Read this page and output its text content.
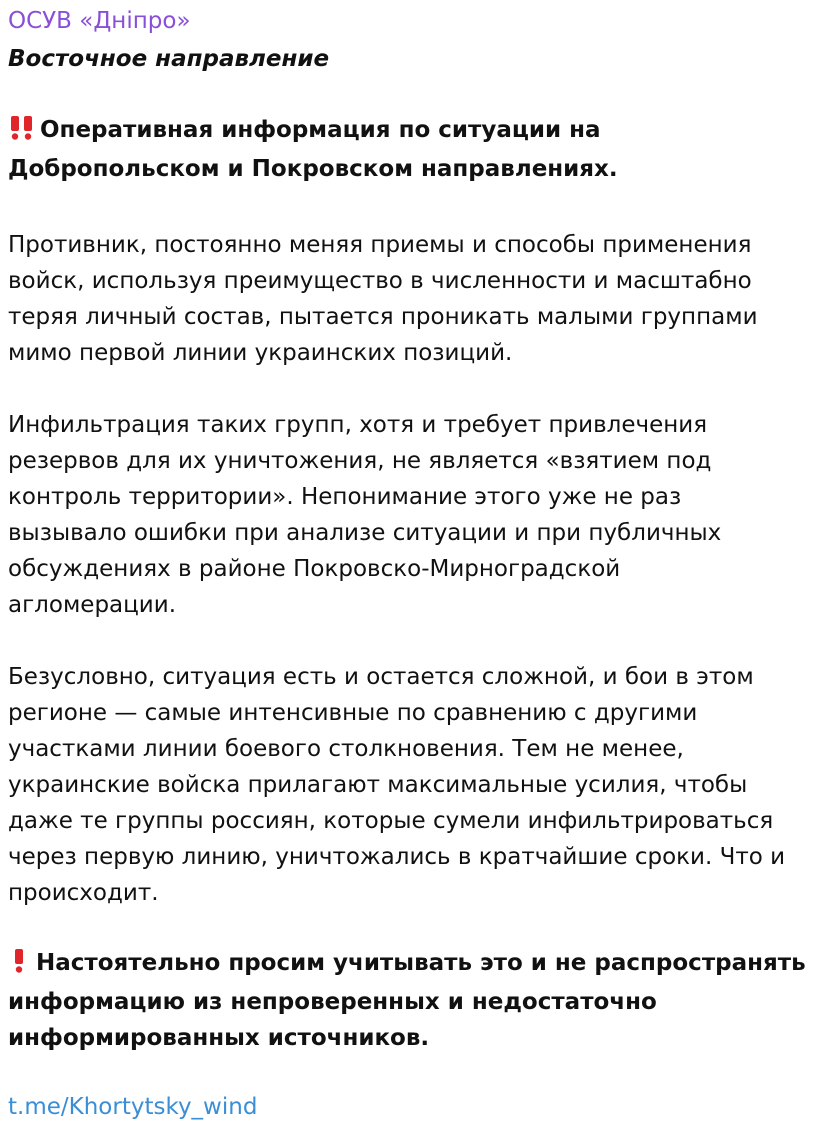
ОСУВ «Дніпро»
Восточное направление
Оперативная информация по ситуации на
Добропольском и Покровском направлениях.
Противник, постоянно меняя приемы и способы применения
войск, используя преимущество в численности и масштабно
теряя личный состав, пытается проникать малыми группами
мимо первой линии украинских позиций.
Инфильтрация таких групп, хотя и требует привлечения
резервов для их уничтожения, не является «взятием под
контроль территории». Непонимание этого уже не раз
вызывало ошибки при анализе ситуации и при публичных
обсуждениях в районе Покровско-Мирноградской
агломерации.
Безусловно, ситуация есть и остается сложной, и бои в этом
регионе — самые интенсивные по сравнению с другими
участками линии боевого столкновения. Тем не менее,
украинские войска прилагают максимальные усилия, чтобы
даже те группы россиян, которые сумели инфильтрироваться
через первую линию, уничтожались в кратчайшие сроки. Что и
происходит.
Настоятельно просим учитывать это и не распространять
информацию из непроверенных и недостаточно
информированных источников.
t.me/Khortytsky_wind
